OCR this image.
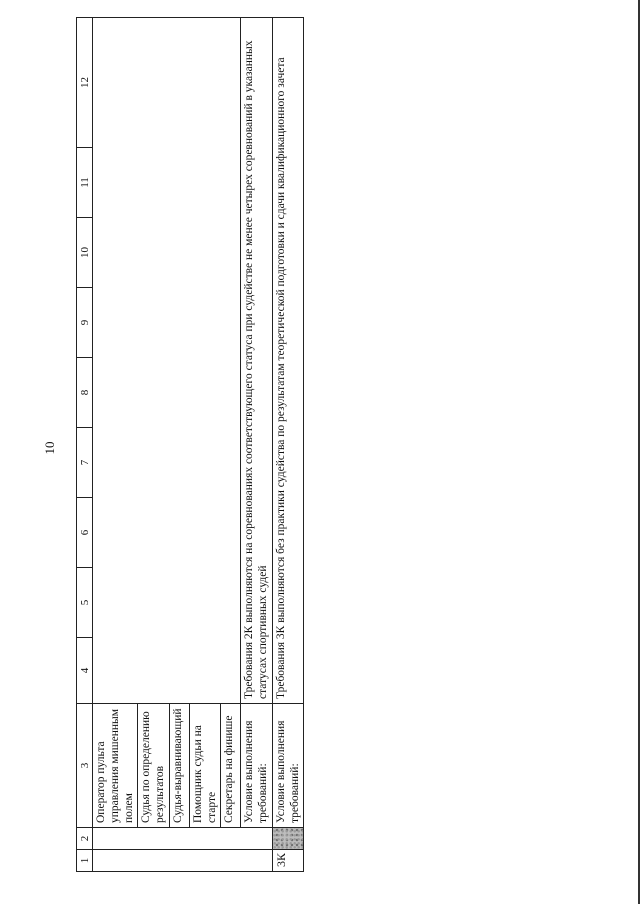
10
1	2	3	4	5	6	7	8	9	10	11	12
		Оператор пульта управления мишенным полем									
		Судья по определению результатов									
		Судья-выравнивающий									
		Помощник судьи на старте									
		Секретарь на финише									
		Условие выполнения требований:	Требования 2К выполняются на соревнованиях соответствующего статуса при судействе не менее четырех соревнований в указанных статусах спортивных судей								
3К		Условие выполнения требований:	Требования 3К выполняются без практики судейства по результатам теоретической подготовки и сдачи квалификационного зачета								
